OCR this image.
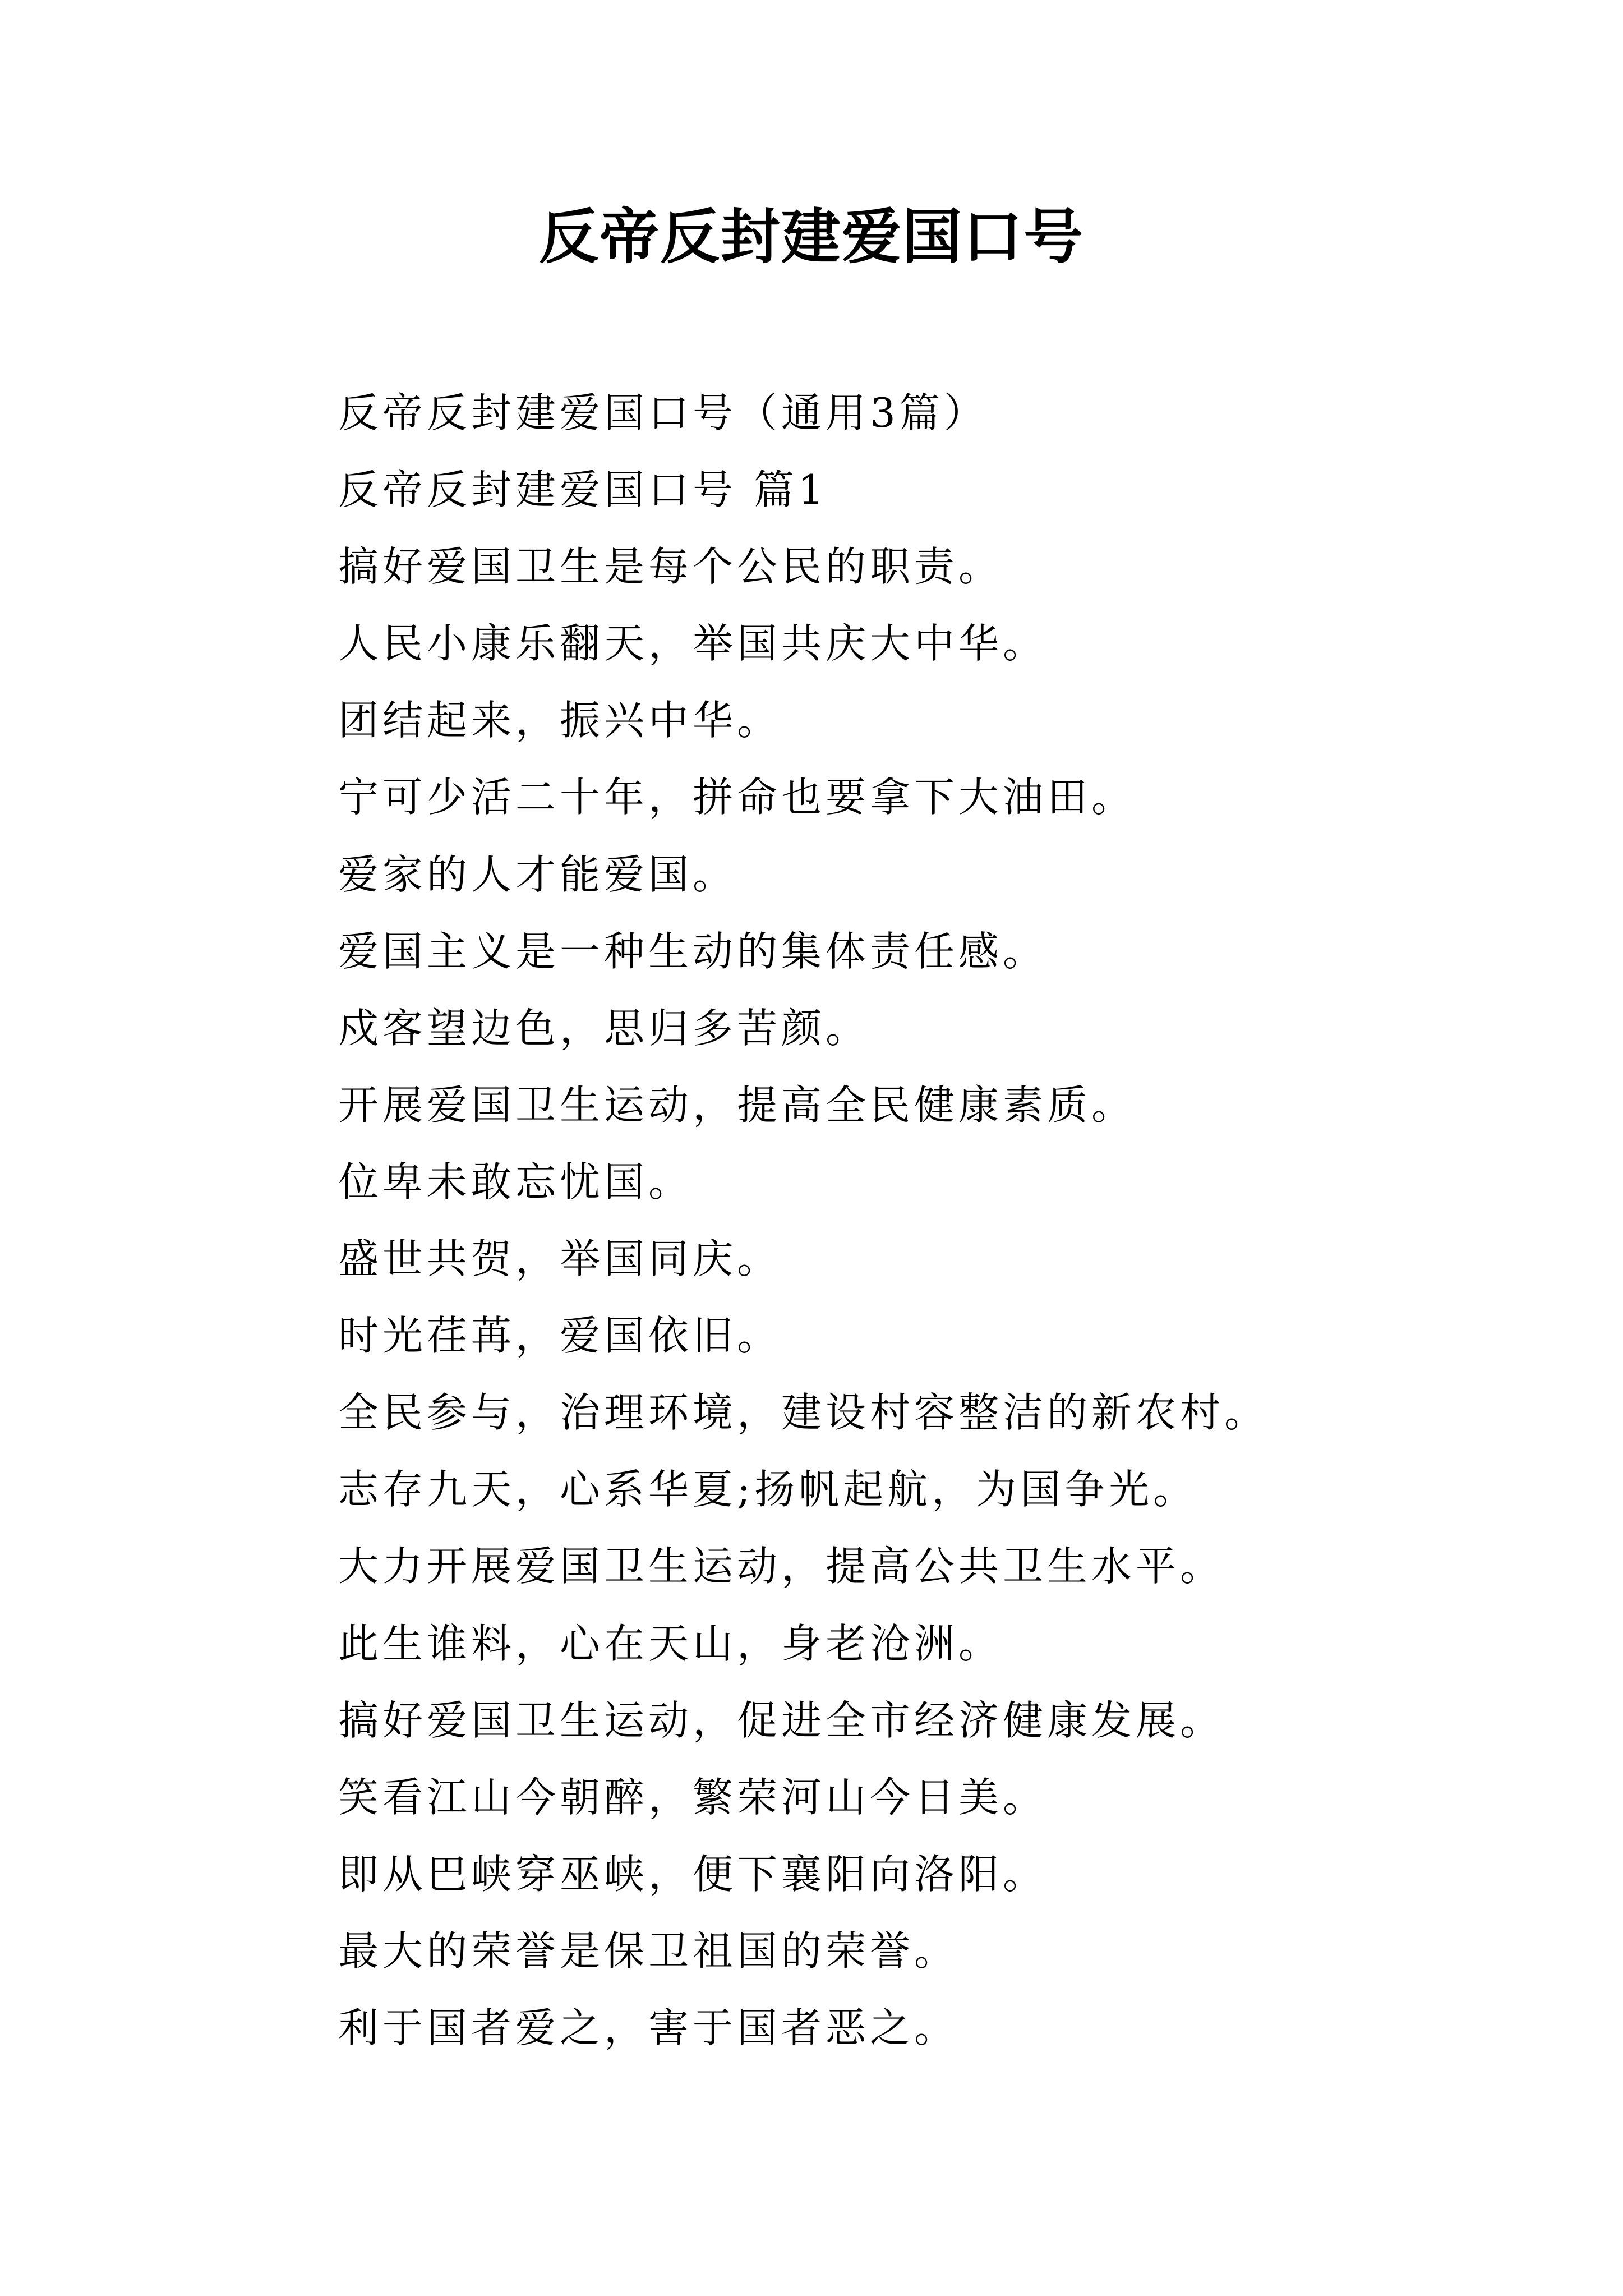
反帝反封建爱国口号
反帝反封建爱国口号（通用3篇）
反帝反封建爱国口号 篇1
搞好爱国卫生是每个公民的职责。
人民小康乐翻天，举国共庆大中华。
团结起来，振兴中华。
宁可少活二十年，拼命也要拿下大油田。
爱家的人才能爱国。
爱国主义是一种生动的集体责任感。
戍客望边色，思归多苦颜。
开展爱国卫生运动，提高全民健康素质。
位卑未敢忘忧国。
盛世共贺，举国同庆。
时光荏苒，爱国依旧。
全民参与，治理环境，建设村容整洁的新农村。
志存九天，心系华夏;扬帆起航，为国争光。
大力开展爱国卫生运动，提高公共卫生水平。
此生谁料，心在天山，身老沧洲。
搞好爱国卫生运动，促进全市经济健康发展。
笑看江山今朝醉，繁荣河山今日美。
即从巴峡穿巫峡，便下襄阳向洛阳。
最大的荣誉是保卫祖国的荣誉。
利于国者爱之，害于国者恶之。
